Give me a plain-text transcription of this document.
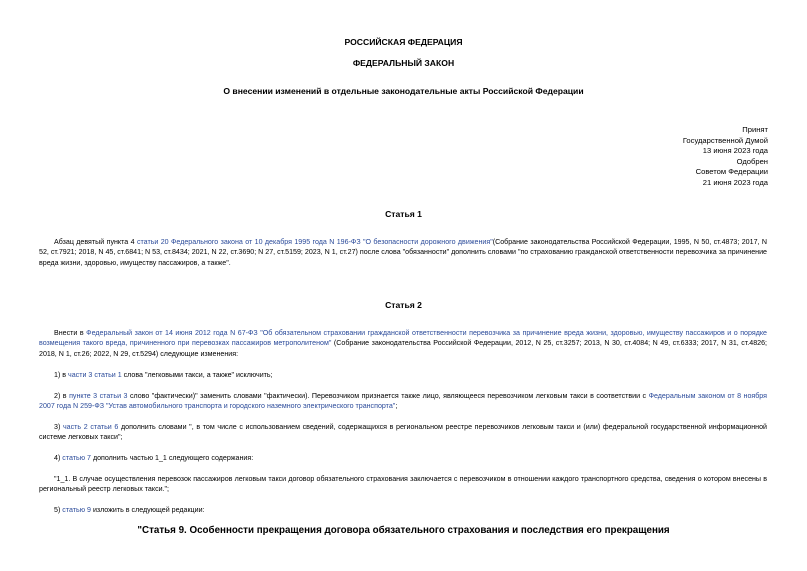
РОССИЙСКАЯ ФЕДЕРАЦИЯ
ФЕДЕРАЛЬНЫЙ ЗАКОН
О внесении изменений в отдельные законодательные акты Российской Федерации
Принят
Государственной Думой
13 июня 2023 года
Одобрен
Советом Федерации
21 июня 2023 года
Статья 1
Абзац девятый пункта 4 статьи 20 Федерального закона от 10 декабря 1995 года N 196-ФЗ "О безопасности дорожного движения"(Собрание законодательства Российской Федерации, 1995, N 50, ст.4873; 2017, N 52, ст.7921; 2018, N 45, ст.6841; N 53, ст.8434; 2021, N 22, ст.3690; N 27, ст.5159; 2023, N 1, ст.27) после слова "обязанности" дополнить словами "по страхованию гражданской ответственности перевозчика за причинение вреда жизни, здоровью, имуществу пассажиров, а также".
Статья 2
Внести в Федеральный закон от 14 июня 2012 года N 67-ФЗ "Об обязательном страховании гражданской ответственности перевозчика за причинение вреда жизни, здоровью, имуществу пассажиров и о порядке возмещения такого вреда, причиненного при перевозках пассажиров метрополитеном" (Собрание законодательства Российской Федерации, 2012, N 25, ст.3257; 2013, N 30, ст.4084; N 49, ст.6333; 2017, N 31, ст.4826; 2018, N 1, ст.26; 2022, N 29, ст.5294) следующие изменения:
1) в части 3 статьи 1 слова "легковыми такси, а также" исключить;
2) в пункте 3 статьи 3 слово "фактически)" заменить словами "фактически). Перевозчиком признается также лицо, являющееся перевозчиком легковым такси в соответствии с Федеральным законом от 8 ноября 2007 года N 259-ФЗ "Устав автомобильного транспорта и городского наземного электрического транспорта";
3) часть 2 статьи 6 дополнить словами ", в том числе с использованием сведений, содержащихся в региональном реестре перевозчиков легковым такси и (или) федеральной государственной информационной системе легковых такси";
4) статью 7 дополнить частью 1_1 следующего содержания:
"1_1. В случае осуществления перевозок пассажиров легковым такси договор обязательного страхования заключается с перевозчиком в отношении каждого транспортного средства, сведения о котором внесены в региональный реестр легковых такси.";
5) статью 9 изложить в следующей редакции:
"Статья 9. Особенности прекращения договора обязательного страхования и последствия его прекращения
